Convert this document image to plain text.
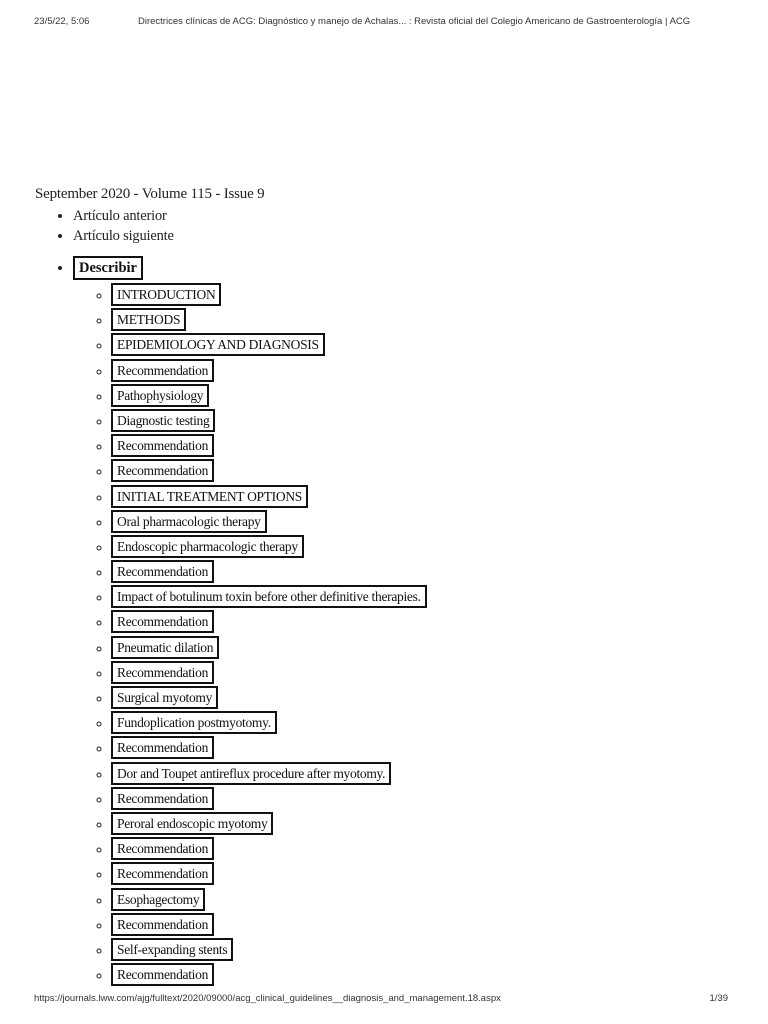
23/5/22, 5:06	Directrices clínicas de ACG: Diagnóstico y manejo de Achalas... : Revista oficial del Colegio Americano de Gastroenterología | ACG
September 2020 - Volume 115 - Issue 9
• Artículo anterior
• Artículo siguiente
• Describir
◦ INTRODUCTION
◦ METHODS
◦ EPIDEMIOLOGY AND DIAGNOSIS
◦ Recommendation
◦ Pathophysiology
◦ Diagnostic testing
◦ Recommendation
◦ Recommendation
◦ INITIAL TREATMENT OPTIONS
◦ Oral pharmacologic therapy
◦ Endoscopic pharmacologic therapy
◦ Recommendation
◦ Impact of botulinum toxin before other definitive therapies.
◦ Recommendation
◦ Pneumatic dilation
◦ Recommendation
◦ Surgical myotomy
◦ Fundoplication postmyotomy.
◦ Recommendation
◦ Dor and Toupet antireflux procedure after myotomy.
◦ Recommendation
◦ Peroral endoscopic myotomy
◦ Recommendation
◦ Recommendation
◦ Esophagectomy
◦ Recommendation
◦ Self-expanding stents
◦ Recommendation
https://journals.lww.com/ajg/fulltext/2020/09000/acg_clinical_guidelines__diagnosis_and_management.18.aspx	1/39
